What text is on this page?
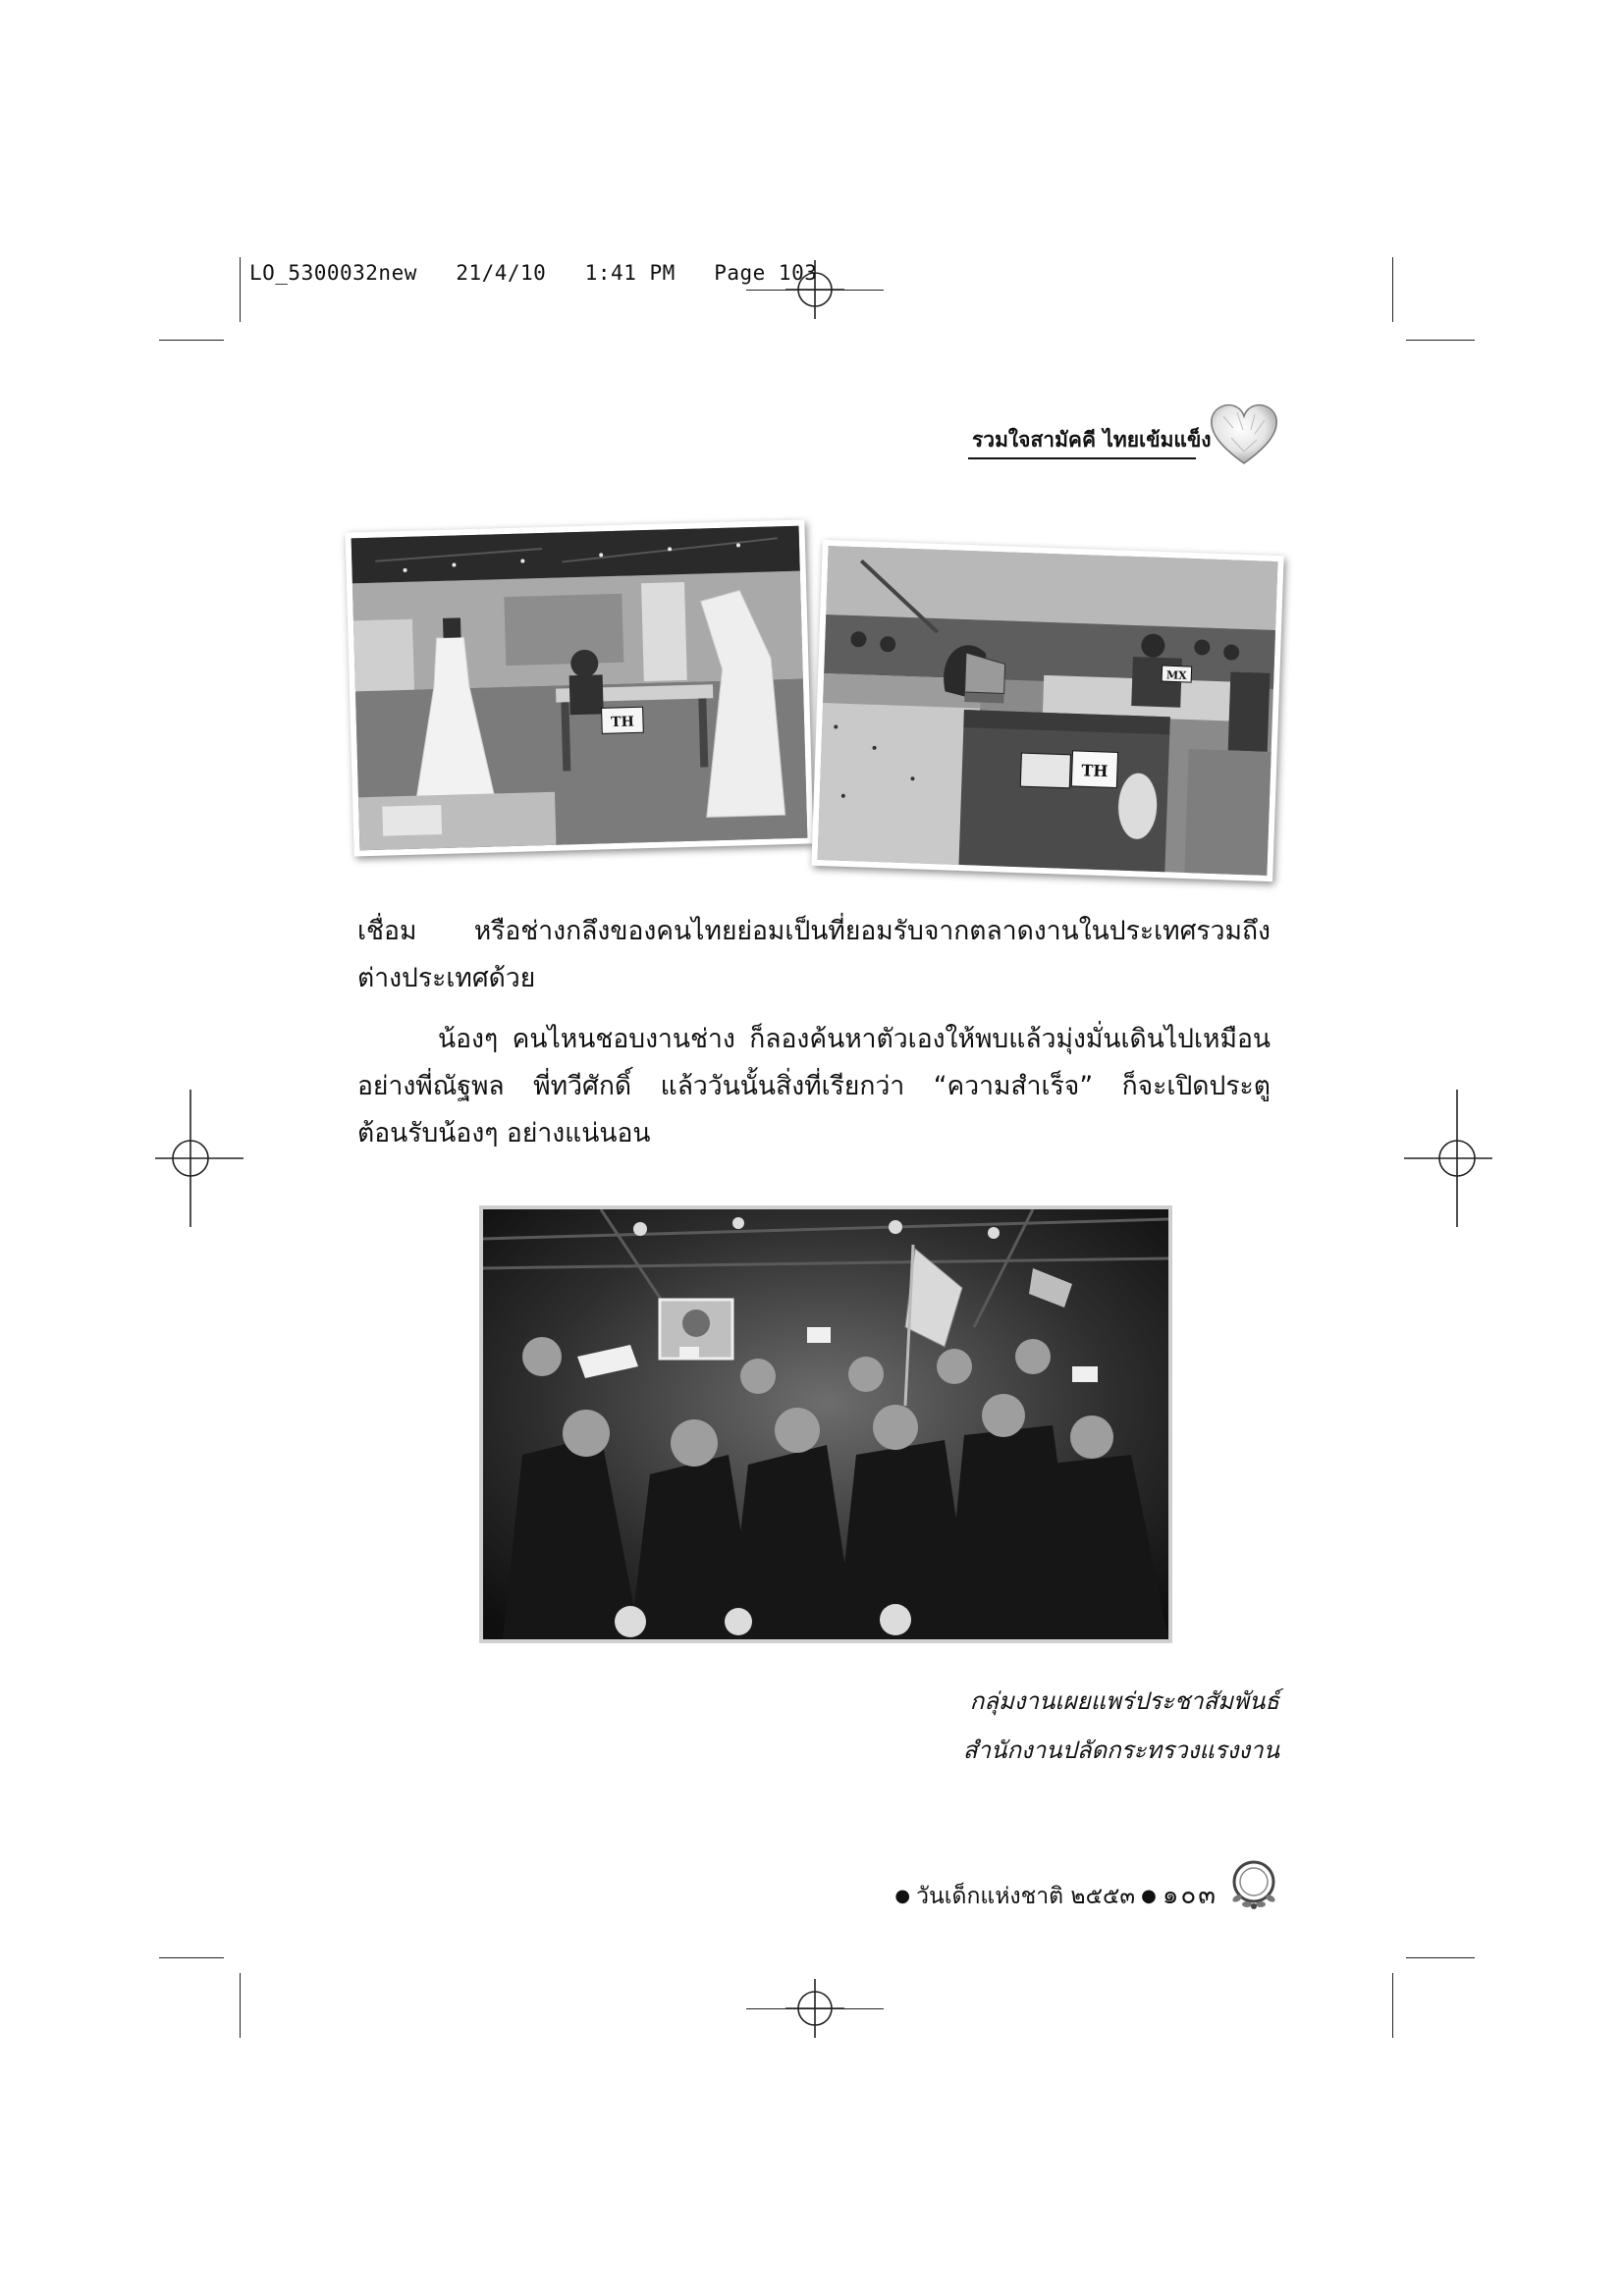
LO_5300032new 21/4/10 1:41 PM Page 103
รวมใจสามัคคี ไทยเข้มแข็ง
TH
MX
TH
เชื่อม หรือช่างกลึงของคนไทยย่อมเป็นที่ยอมรับจากตลาดงานในประเทศรวมถึง
ต่างประเทศด้วย
น้องๆ คนไหนชอบงานช่าง ก็ลองค้นหาตัวเองให้พบแล้วมุ่งมั่นเดินไปเหมือน
อย่างพี่ณัฐพล พี่ทวีศักดิ์ แล้ววันนั้นสิ่งที่เรียกว่า “ความสำเร็จ” ก็จะเปิดประตู
ต้อนรับน้องๆ อย่างแน่นอน
กลุ่มงานเผยแพร่ประชาสัมพันธ์
สำนักงานปลัดกระทรวงแรงงาน
● วันเด็กแห่งชาติ ๒๕๕๓ ● ๑๐๓
